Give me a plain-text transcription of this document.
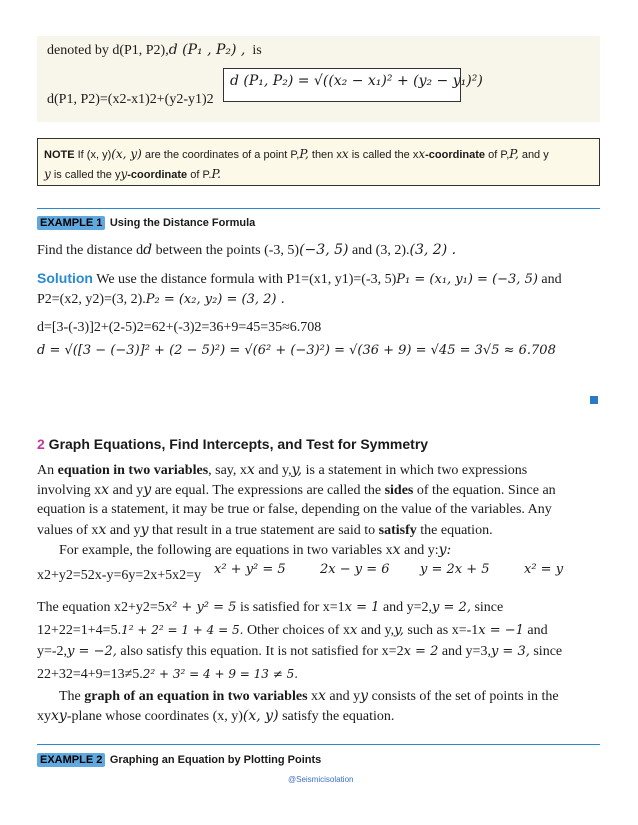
denoted by d(P1, P2),d (P₁ , P₂) , is
d(P1, P2)=(x2-x1)2+(y2-y1)2
d (P₁, P₂) = √((x₂ − x₁)² + (y₂ − y₁)²)
NOTE If (x, y)(x, y) are the coordinates of a point P,P, then xx is called the xx-coordinate of P,P, and y
y is called the yy-coordinate of P.P.
EXAMPLE 1 Using the Distance Formula
Find the distance dd between the points (-3, 5)(−3, 5) and (3, 2).(3, 2) .
Solution We use the distance formula with P1=(x1, y1)=(-3, 5)P₁ = (x₁, y₁) = (−3, 5) and
P2=(x2, y2)=(3, 2).P₂ = (x₂, y₂) = (3, 2) .
d=[3-(-3)]2+(2-5)2=62+(-3)2=36+9=45=35≈6.708
d = √([3 − (−3)]² + (2 − 5)²) = √(6² + (−3)²) = √(36 + 9) = √45 = 3√5 ≈ 6.708
2 Graph Equations, Find Intercepts, and Test for Symmetry
An equation in two variables, say, xx and y,y, is a statement in which two expressions
involving xx and yy are equal. The expressions are called the sides of the equation. Since an
equation is a statement, it may be true or false, depending on the value of the variables. Any
values of xx and yy that result in a true statement are said to satisfy the equation.
For example, the following are equations in two variables xx and y:y:
x2+y2=52x-y=6y=2x+5x2=y x² + y² = 5	2x − y = 6 y = 2x + 5	x² = y
The equation x2+y2=5x² + y² = 5 is satisfied for x=1x = 1 and y=2,y = 2, since
12+22=1+4=5.1² + 2² = 1 + 4 = 5. Other choices of xx and y,y, such as x=-1x = −1 and
y=-2,y = −2, also satisfy this equation. It is not satisfied for x=2x = 2 and y=3,y = 3, since
22+32=4+9=13≠5.2² + 3² = 4 + 9 = 13 ≠ 5.
The graph of an equation in two variables xx and yy consists of the set of points in the
xyxy-plane whose coordinates (x, y)(x, y) satisfy the equation.
EXAMPLE 2 Graphing an Equation by Plotting Points
@Seismicisolation
